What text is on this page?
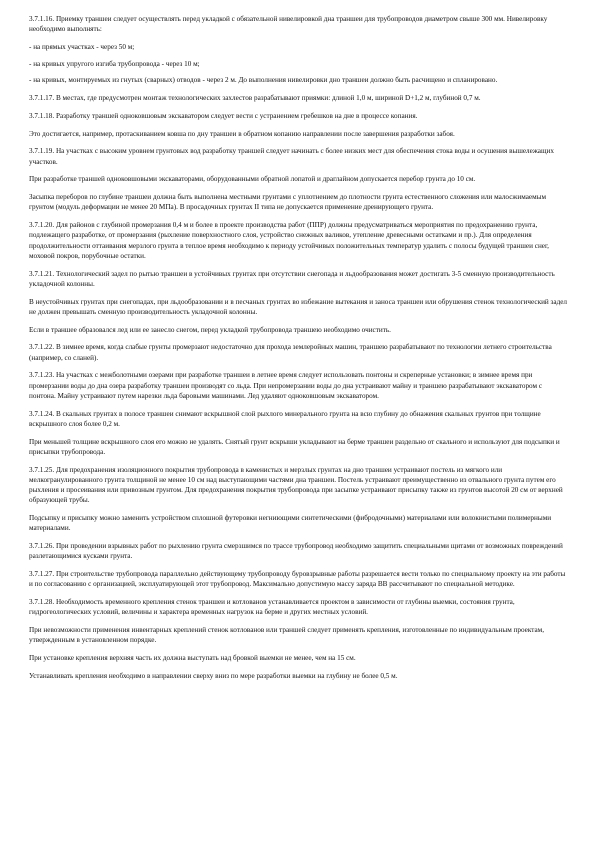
3.7.1.16. Приемку траншеи следует осуществлять перед укладкой с обязательной нивелировкой дна траншеи для трубопроводов диаметром свыше 300 мм. Нивелировку необходимо выполнять:

- на прямых участках - через 50 м;

- на кривых упругого изгиба трубопровода - через 10 м;

- на кривых, монтируемых из гнутых (сварных) отводов - через 2 м. До выполнения нивелировки дно траншеи должно быть расчищено и спланировано.

3.7.1.17. В местах, где предусмотрен монтаж технологических захлестов разрабатывают приямки: длиной 1,0 м, шириной D+1,2 м, глубиной 0,7 м.

3.7.1.18. Разработку траншей одноковшовым экскаватором следует вести с устранением гребешков на дне в процессе копания.

Это достигается, например, протаскиванием ковша по дну траншеи в обратном копанию направлении после завершения разработки забоя.

3.7.1.19. На участках с высоким уровнем грунтовых вод разработку траншей следует начинать с более низких мест для обеспечения стока воды и осушения вышележащих участков.

При разработке траншей одноковшовыми экскаваторами, оборудованными обратной лопатой и драглайном допускается перебор грунта до 10 см.

Засыпка переборов по глубине траншеи должна быть выполнена местными грунтами с уплотнением до плотности грунта естественного сложения или малосжимаемым грунтом (модуль деформации не менее 20 МПа). В просадочных грунтах II типа не допускается применение дренирующего грунта.

3.7.1.20. Для районов с глубиной промерзания 0,4 м и более в проекте производства работ (ППР) должны предусматриваться мероприятия по предохранению грунта, подлежащего разработке, от промерзания (рыхление поверхностного слоя, устройство снежных валиков, утепление древесными остатками и пр.). Для определения продолжительности оттаивания мерзлого грунта в теплое время необходимо к периоду устойчивых положительных температур удалить с полосы будущей траншеи снег, моховой покров, порубочные остатки.

3.7.1.21. Технологический задел по рытью траншеи в устойчивых грунтах при отсутствии снегопада и льдообразования может достигать 3-5 сменную производительность укладочной колонны.

В неустойчивых грунтах при снегопадах, при льдообразовании и в песчаных грунтах во избежание вытекания и заноса траншеи или обрушения стенок технологический задел не должен превышать сменную производительность укладочной колонны.

Если в траншее образовался лед или ее занесло снегом, перед укладкой трубопровода траншею необходимо очистить.

3.7.1.22. В зимнее время, когда слабые грунты промерзают недостаточно для прохода землеройных машин, траншею разрабатывают по технологии летнего строительства (например, со сланей).

3.7.1.23. На участках с межболотными озерами при разработке траншеи в летнее время следует использовать понтоны и скреперные установки; в зимнее время при промерзании воды до дна озера разработку траншеи производят со льда. При непромерзании воды до дна устраивают майну и траншею разрабатывают экскаватором с понтона. Майну устраивают путем нарезки льда баровыми машинами. Лед удаляют одноковшовым экскаватором.

3.7.1.24. В скальных грунтах в полосе траншеи снимают вскрышной слой рыхлого минерального грунта на всю глубину до обнажения скальных грунтов при толщине вскрышного слоя более 0,2 м.

При меньшей толщине вскрышного слоя его можно не удалять. Снятый грунт вскрыши укладывают на берме траншеи раздельно от скального и используют для подсыпки и присыпки трубопровода.

3.7.1.25. Для предохранения изоляционного покрытия трубопровода в каменистых и мерзлых грунтах на дно траншеи устраивают постель из мягкого или мелкогранулированного грунта толщиной не менее 10 см над выступающими частями дна траншеи. Постель устраивают преимущественно из отвального грунта путем его рыхления и просеивания или привозным грунтом. Для предохранения покрытия трубопровода при засыпке устраивают присыпку также из грунтов высотой 20 см от верхней образующей трубы.

Подсыпку и присыпку можно заменить устройством сплошной футеровки негниющими синтетическими (фибродочными) материалами или волокнистыми полимерными материалами.

3.7.1.26. При проведении взрывных работ по рыхлению грунта смерзшимся по трассе трубопровод необходимо защитить специальными щитами от возможных повреждений разлетающимися кусками грунта.

3.7.1.27. При строительстве трубопровода параллельно действующему трубопроводу буровзрывные работы разрешается вести только по специальному проекту на эти работы и по согласованию с организацией, эксплуатирующей этот трубопровод. Максимально допустимую массу заряда ВВ рассчитывают по специальной методике.

3.7.1.28. Необходимость временного крепления стенок траншеи и котлованов устанавливается проектом в зависимости от глубины выемки, состояния грунта, гидрогеологических условий, величины и характера временных нагрузок на берме и других местных условий.

При невозможности применения инвентарных креплений стенок котлованов или траншей следует применять крепления, изготовленные по индивидуальным проектам, утвержденным в установленном порядке.

При установке крепления верхняя часть их должна выступать над бровкой выемки не менее, чем на 15 см.

Устанавливать крепления необходимо в направлении сверху вниз по мере разработки выемки на глубину не более 0,5 м.
